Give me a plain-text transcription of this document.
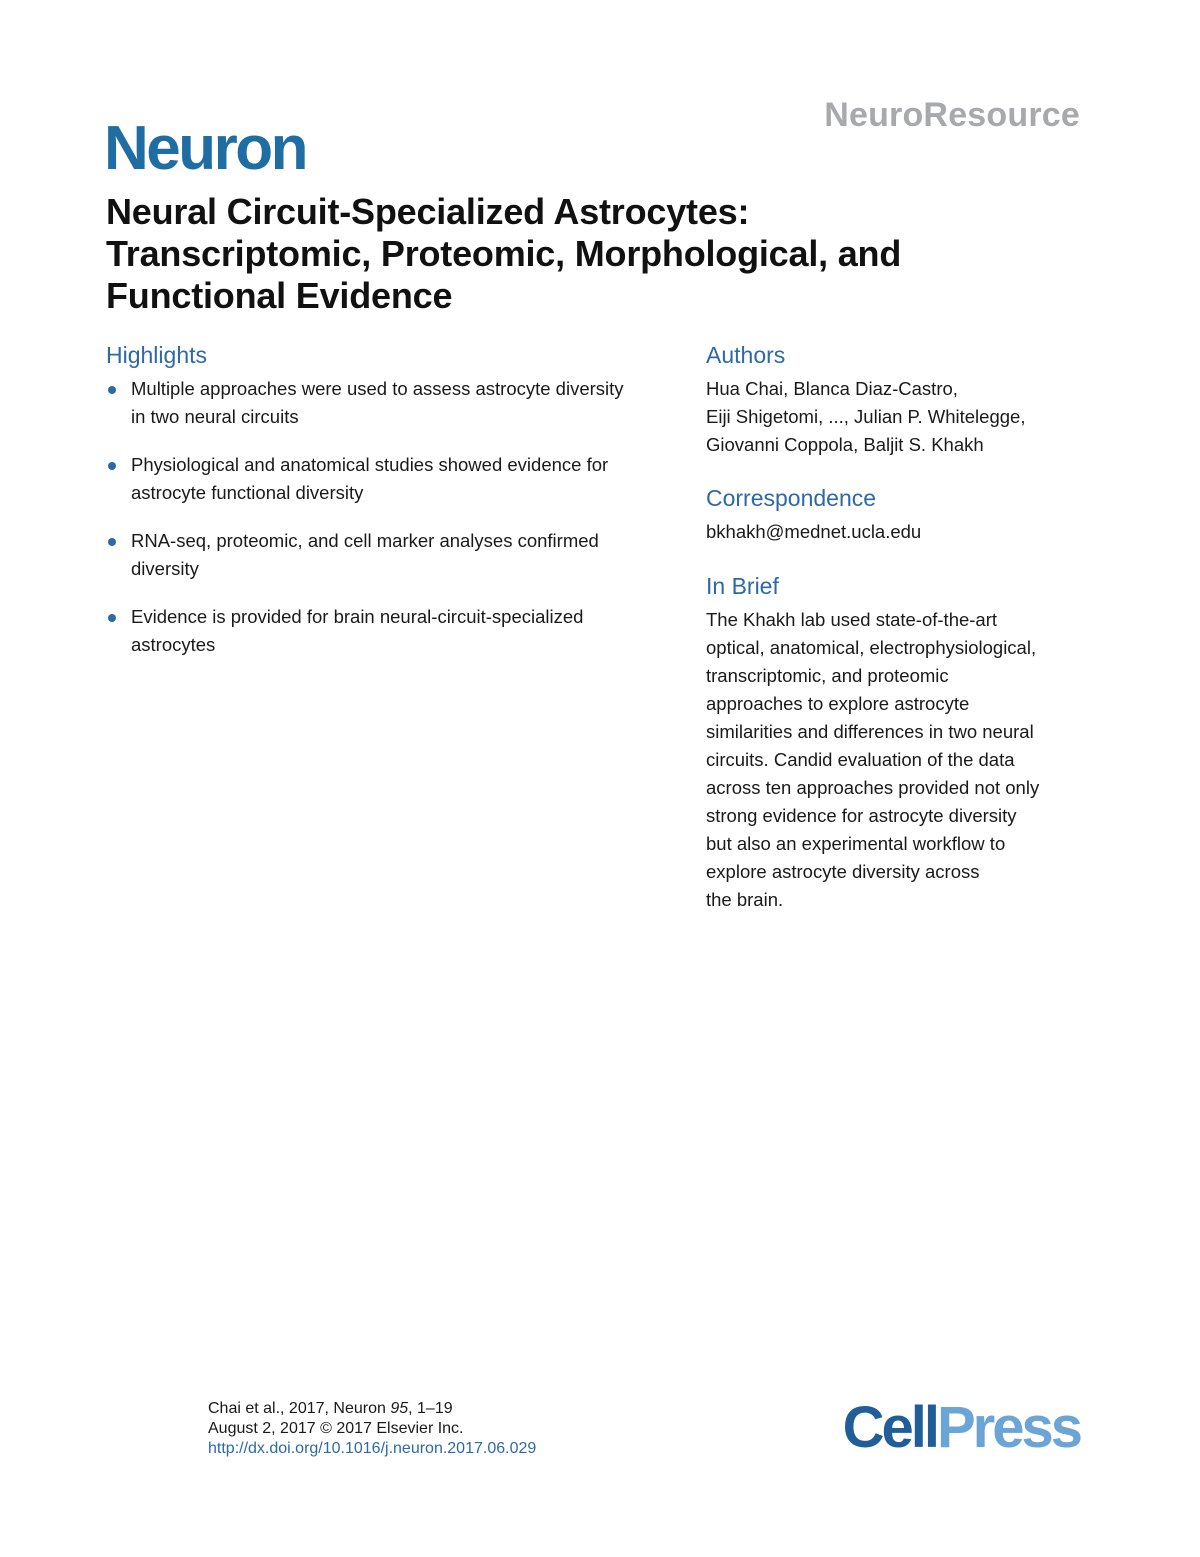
NeuroResource
Neuron
Neural Circuit-Specialized Astrocytes:
Transcriptomic, Proteomic, Morphological, and
Functional Evidence
Highlights
Multiple approaches were used to assess astrocyte diversity
in two neural circuits
Physiological and anatomical studies showed evidence for
astrocyte functional diversity
RNA-seq, proteomic, and cell marker analyses confirmed
diversity
Evidence is provided for brain neural-circuit-specialized
astrocytes
Authors

Hua Chai, Blanca Diaz-Castro,
Eiji Shigetomi, ..., Julian P. Whitelegge,
Giovanni Coppola, Baljit S. Khakh

Correspondence

bkhakh@mednet.ucla.edu

In Brief

The Khakh lab used state-of-the-art
optical, anatomical, electrophysiological,
transcriptomic, and proteomic
approaches to explore astrocyte
similarities and differences in two neural
circuits. Candid evaluation of the data
across ten approaches provided not only
strong evidence for astrocyte diversity
but also an experimental workflow to
explore astrocyte diversity across
the brain.

Chai et al., 2017, Neuron 95, 1–19
August 2, 2017 © 2017 Elsevier Inc.
http://dx.doi.org/10.1016/j.neuron.2017.06.029	CellPress
